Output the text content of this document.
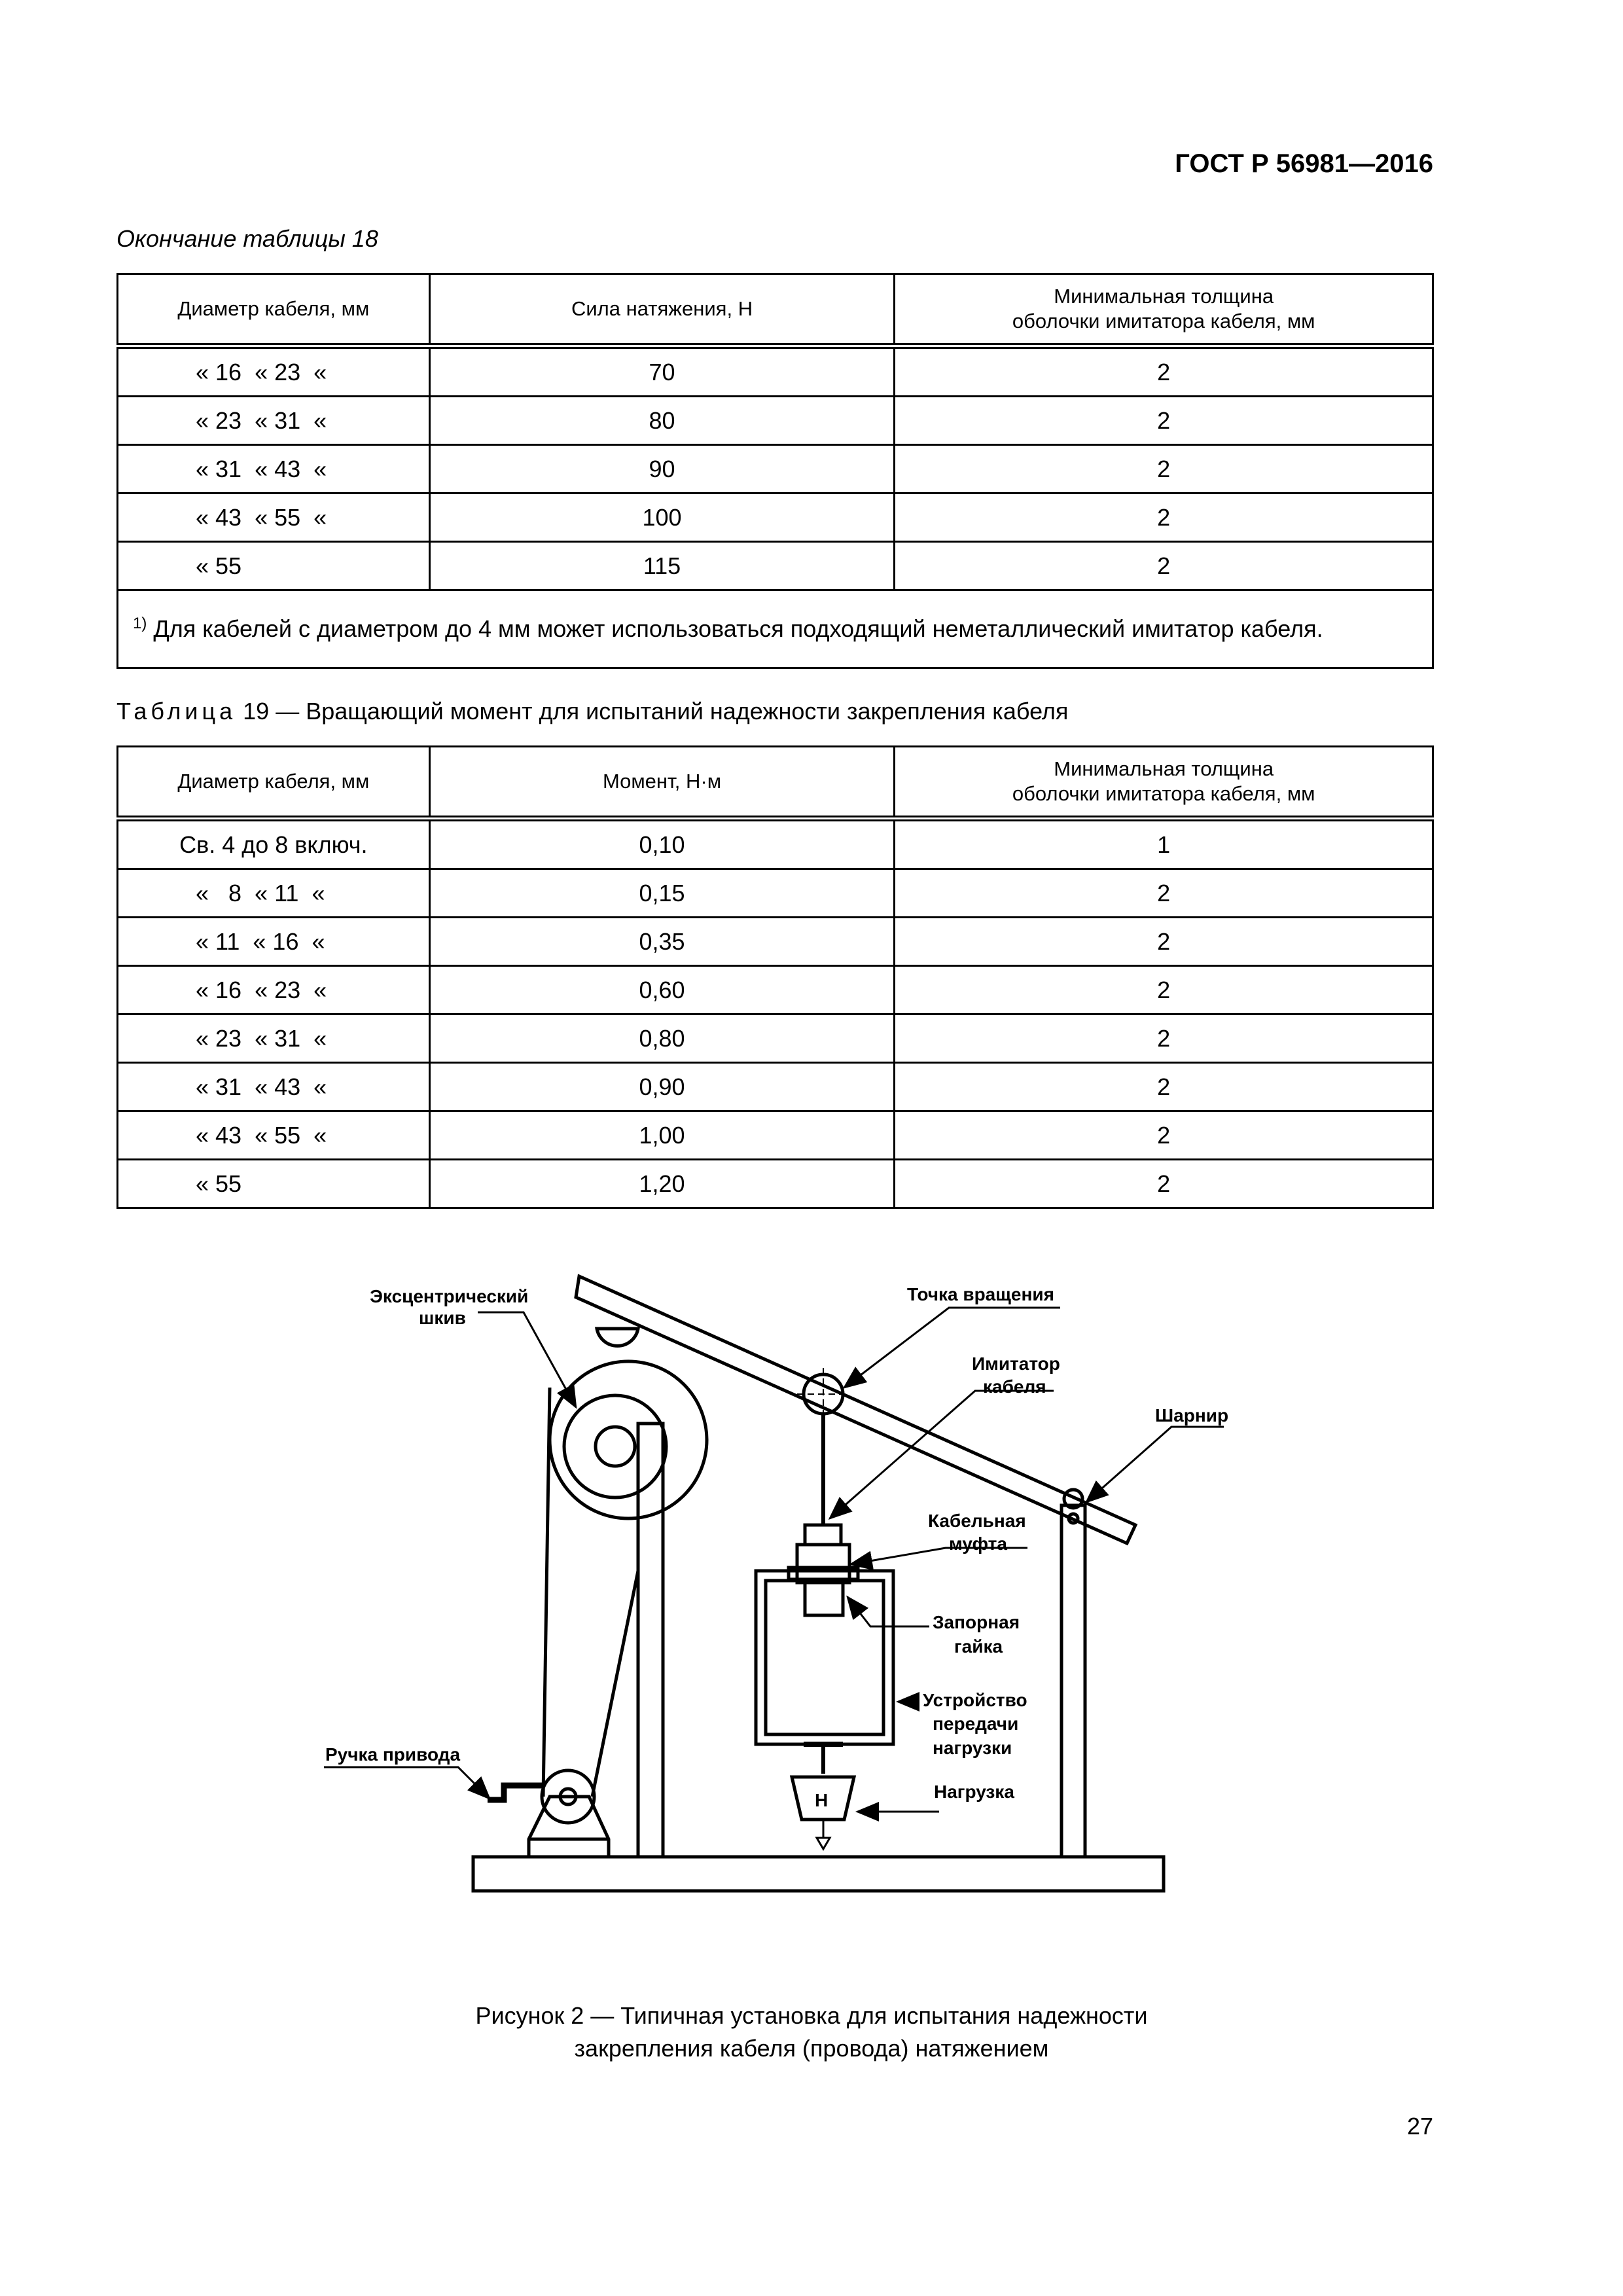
ГОСТ Р 56981—2016
Окончание таблицы 18
Диаметр кабеля, мм	Сила натяжения, Н	Минимальная толщина
оболочки имитатора кабеля, мм
« 16  « 23  «	70	2
« 23  « 31  «	80	2
« 31  « 43  «	90	2
« 43  « 55  «	100	2
« 55	115	2
$^{1)}$ Для кабелей с диаметром до 4 мм может использоваться подходящий неметаллический имитатор кабеля.		
Таблица 19 — Вращающий момент для испытаний надежности закрепления кабеля
Диаметр кабеля, мм	Момент, Н·м	Минимальная толщина
оболочки имитатора кабеля, мм
Св. 4 до 8 включ.	0,10	1
«   8  « 11  «	0,15	2
« 11  « 16  «	0,35	2
« 16  « 23  «	0,60	2
« 23  « 31  «	0,80	2
« 31  « 43  «	0,90	2
« 43  « 55  «	1,00	2
« 55	1,20	2
Н
Эксцентрический
шкив
Точка вращения
Имитатор
кабеля
Шарнир
Кабельная
муфта
Запорная
гайка
Устройство
передачи
нагрузки
Нагрузка
Ручка привода
Рисунок 2 — Типичная установка для испытания надежности
закрепления кабеля (провода) натяжением
27
